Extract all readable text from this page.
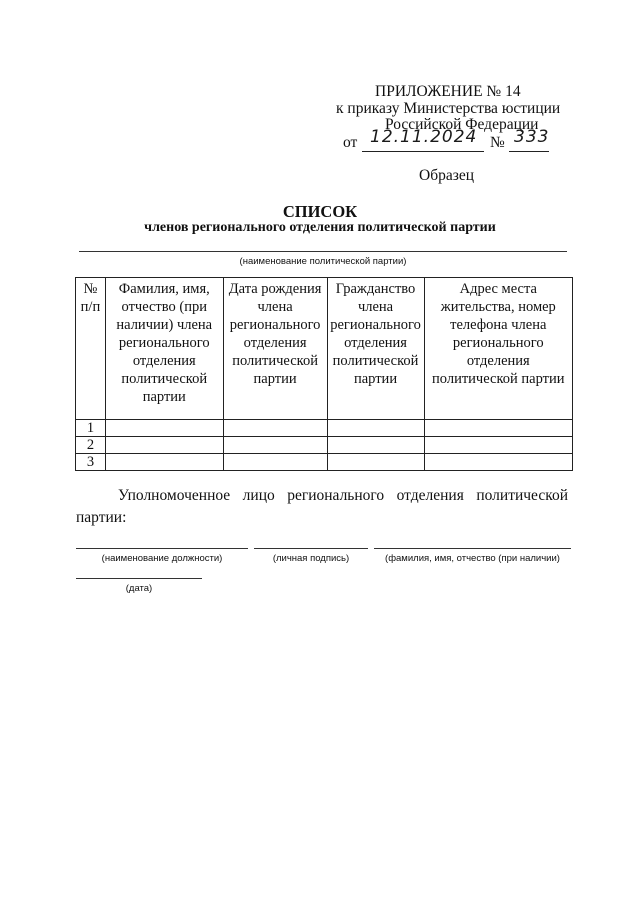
ПРИЛОЖЕНИЕ № 14
к приказу Министерства юстиции
Российской Федерации
от 12.11.2024 № 333
Образец
СПИСОК
членов регионального отделения политической партии
(наименование политической партии)
№ п/п	Фамилия, имя, отчество (при наличии) члена регионального отделения политической партии	Дата рождения члена регионального отделения политической партии	Гражданство члена регионального отделения политической партии	Адрес места жительства, номер телефона члена регионального отделения политической партии
1				
2				
3				
Уполномоченное лицо регионального отделения политической партии:
(наименование должности)	(личная подпись)	(фамилия, имя, отчество (при наличии)
(дата)
